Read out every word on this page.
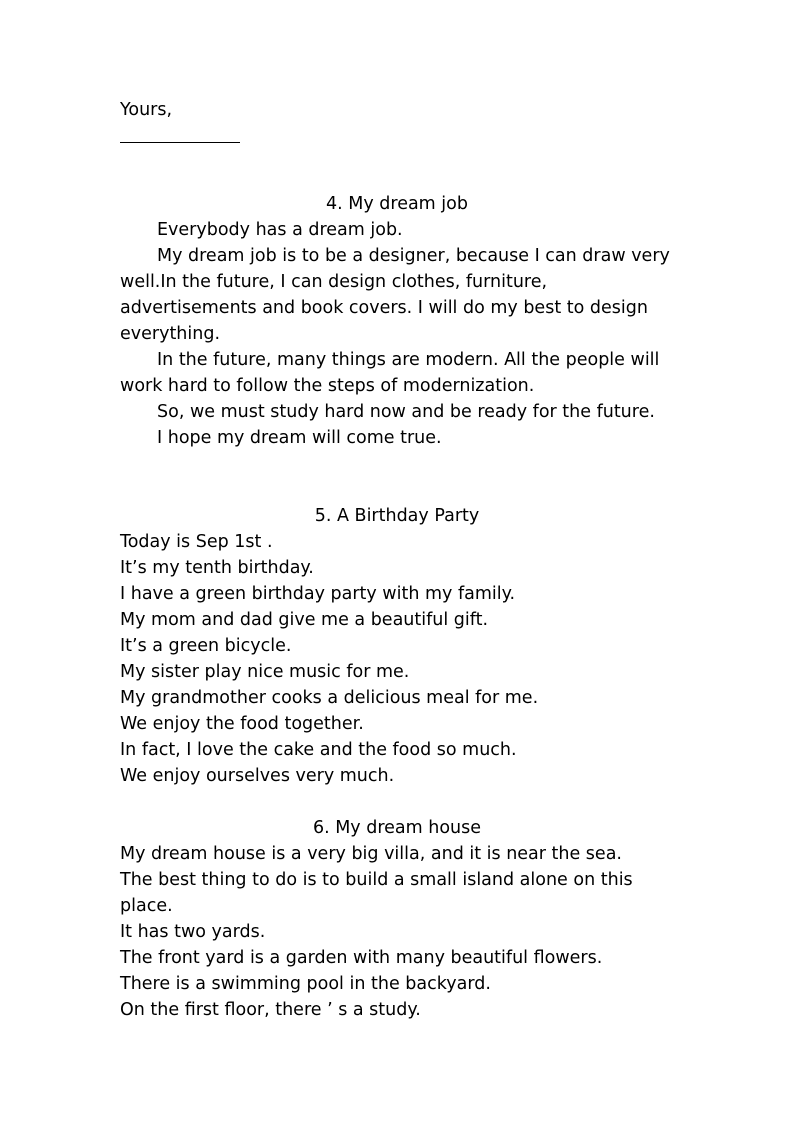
Yours,
4. My dream job
Everybody has a dream job.
My dream job is to be a designer, because I can draw very
well.In the future, I can design clothes, furniture,
advertisements and book covers. I will do my best to design
everything.
In the future, many things are modern. All the people will
work hard to follow the steps of modernization.
So, we must study hard now and be ready for the future.
I hope my dream will come true.
5. A Birthday Party
Today is Sep 1st .
It’s my tenth birthday.
I have a green birthday party with my family.
My mom and dad give me a beautiful gift.
It’s a green bicycle.
My sister play nice music for me.
My grandmother cooks a delicious meal for me.
We enjoy the food together.
In fact, I love the cake and the food so much.
We enjoy ourselves very much.
6. My dream house
My dream house is a very big villa, and it is near the sea.
The best thing to do is to build a small island alone on this
place.
It has two yards.
The front yard is a garden with many beautiful flowers.
There is a swimming pool in the backyard.
On the first floor, there ’ s a study.
